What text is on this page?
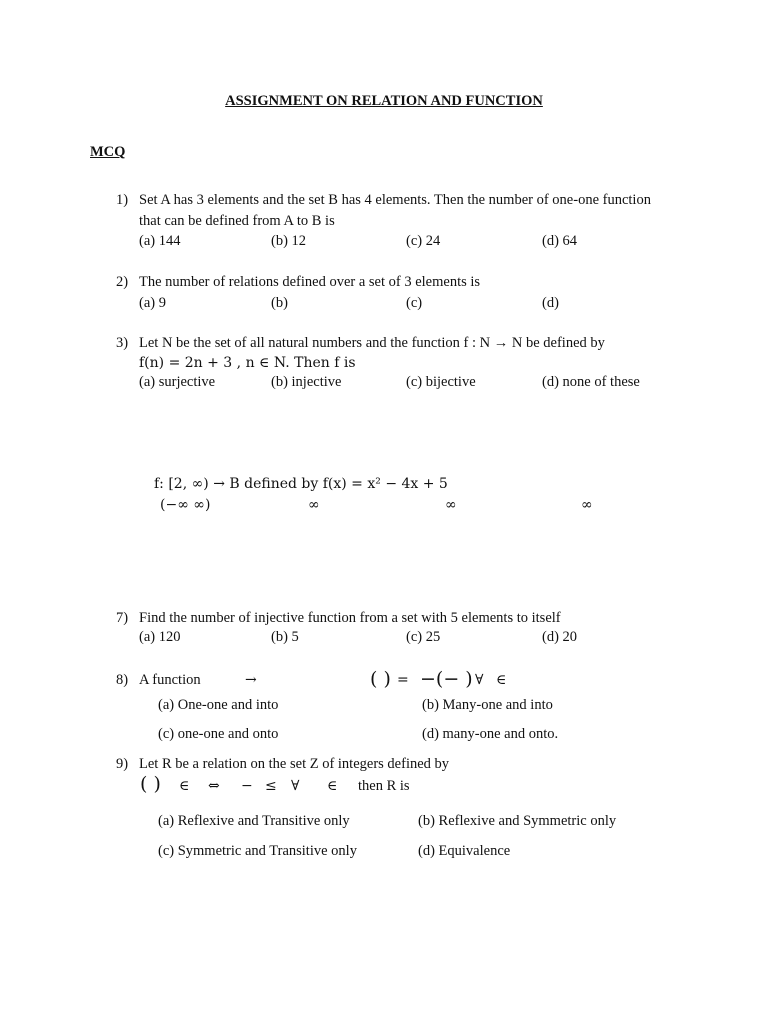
ASSIGNMENT ON RELATION AND FUNCTION
MCQ
1) Set A has 3 elements and the set B has 4 elements. Then the number of one-one function
that can be defined from A to B is
(a) 144	(b) 12	(c) 24	(d) 64
2) The number of relations defined over a set of 3 elements is
(a) 9	(b)	(c)	(d)
3) Let N be the set of all natural numbers and the function f : N → N be defined by
f(n) = 2n + 3 , n ∈ N. Then f is
(a) surjective	(b) injective	(c) bijective	(d) none of these
f: [2, ∞) → B defined by f(x) = x² − 4x + 5
(−∞ ∞)	∞	∞	∞
7) Find the number of injective function from a set with 5 elements to itself
(a) 120	(b) 5	(c) 25	(d) 20
8) A function	→	( ) = −(− ) ∀ ∈
(a) One-one and into	(b) Many-one and into
(c) one-one and onto	(d) many-one and onto.
9) Let R be a relation on the set Z of integers defined by
( ) ∈ ⇔ − ≤ ∀ ∈ then R is
(a) Reflexive and Transitive only	(b) Reflexive and Symmetric only
(c) Symmetric and Transitive only	(d) Equivalence
